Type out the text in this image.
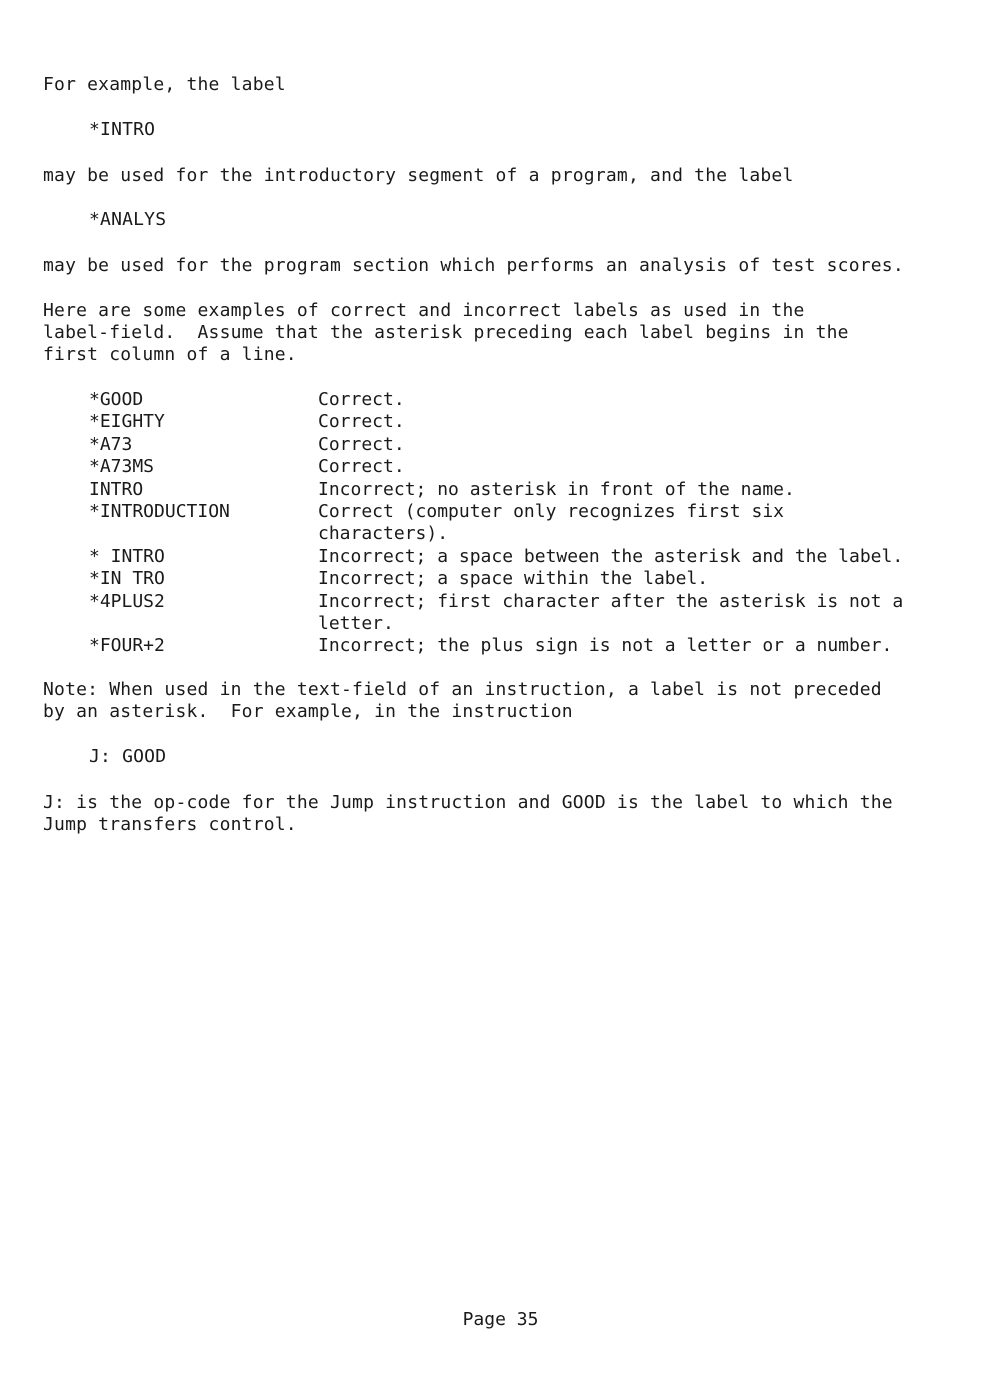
For example, the label
*INTRO
may be used for the introductory segment of a program, and the label
*ANALYS
may be used for the program section which performs an analysis of test scores.
Here are some examples of correct and incorrect labels as used in the
label-field.  Assume that the asterisk preceding each label begins in the
first column of a line.
*GOOD	Correct.
*EIGHTY	Correct.
*A73	Correct.
*A73MS	Correct.
INTRO	Incorrect; no asterisk in front of the name.
*INTRODUCTION	Correct (computer only recognizes first six
characters).
* INTRO	Incorrect; a space between the asterisk and the label.
*IN TRO	Incorrect; a space within the label.
*4PLUS2	Incorrect; first character after the asterisk is not a
letter.
*FOUR+2	Incorrect; the plus sign is not a letter or a number.
Note: When used in the text-field of an instruction, a label is not preceded
by an asterisk.  For example, in the instruction
J: GOOD
J: is the op-code for the Jump instruction and GOOD is the label to which the
Jump transfers control.
Page 35
